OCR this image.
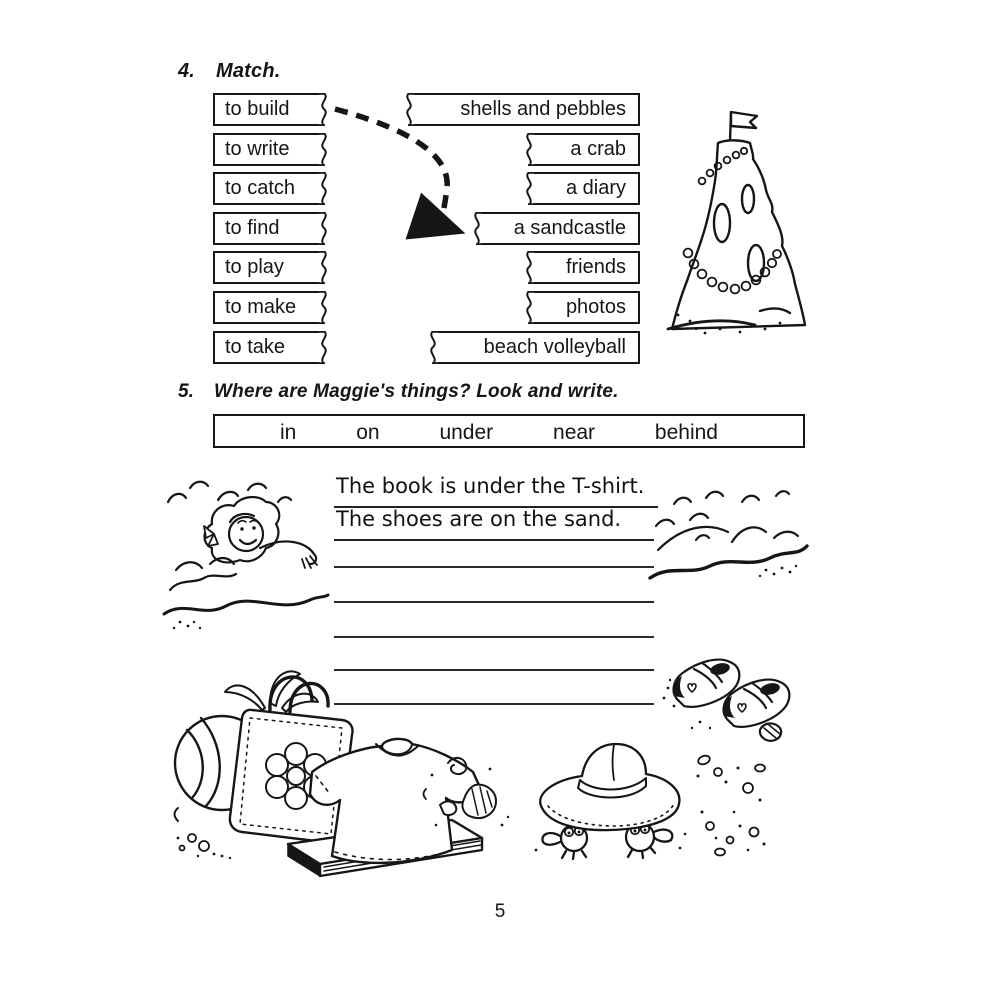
4. Match.
to build
to write
to catch
to find
to play
to make
to take
shells and pebbles
a crab
a diary
a sandcastle
friends
photos
beach volleyball
5. Where are Maggie's things? Look and write.
in	on	under	near	behind
The book is under the T-shirt.
The shoes are on the sand.
5
